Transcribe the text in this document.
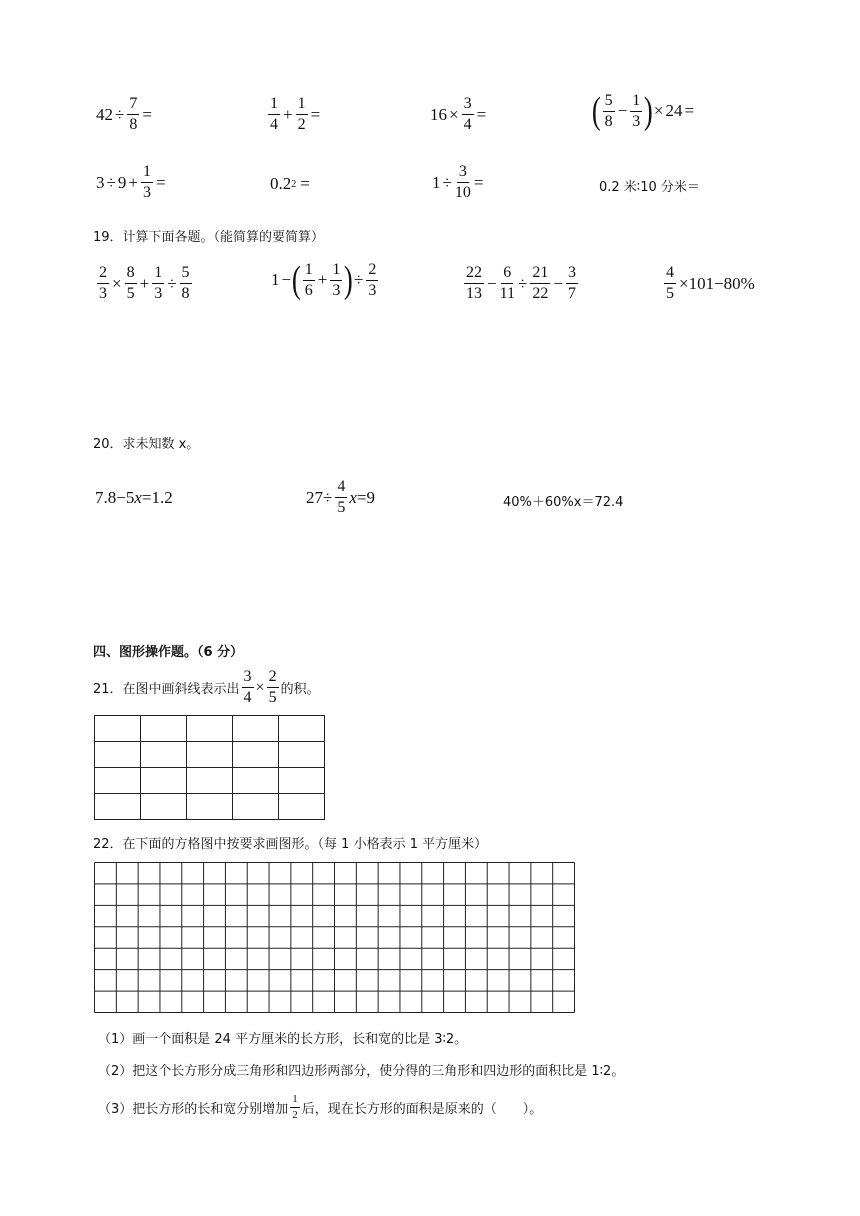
$42 \div \frac{7}{8}$ =	$\frac{1}{4} + \frac{1}{2}$ =	$16 \times \frac{3}{4}$ =	( $\frac{5}{8} - \frac{1}{3}$ ) × 24 =
$3 \div 9 + \frac{1}{3}$ =	0.2 2 =	$1 \div \frac{3}{10}$ =	0.2 米∶10 分米＝
19．计算下面各题。（能简算的要简算）
$\frac{2}{3} \times \frac{8}{5} + \frac{1}{3} \div \frac{5}{8}$	1 − ( $\frac{1}{6} + \frac{1}{3}$ ) ÷ $\frac{2}{3}$	$\frac{22}{13} - \frac{6}{11} \div \frac{21}{22} - \frac{3}{7}$	$\frac{4}{5} \times 101-80\%$
20．求未知数 x。
7.8−5 x =1.2	$27\div \frac{4}{5}$ x =9	40%＋60%x＝72.4
四、图形操作题。（6 分）
21．在图中画斜线表示出 $\frac{3}{4} \times \frac{2}{5}$ 的积。

22．在下面的方格图中按要求画图形。（每 1 小格表示 1 平方厘米）
（1）画一个面积是 24 平方厘米的长方形，长和宽的比是 3∶2。
（2）把这个长方形分成三角形和四边形两部分，使分得的三角形和四边形的面积比是 1∶2。
（3）把长方形的长和宽分别增加 $\frac{1}{2}$ 后，现在长方形的面积是原来的（　　）。
